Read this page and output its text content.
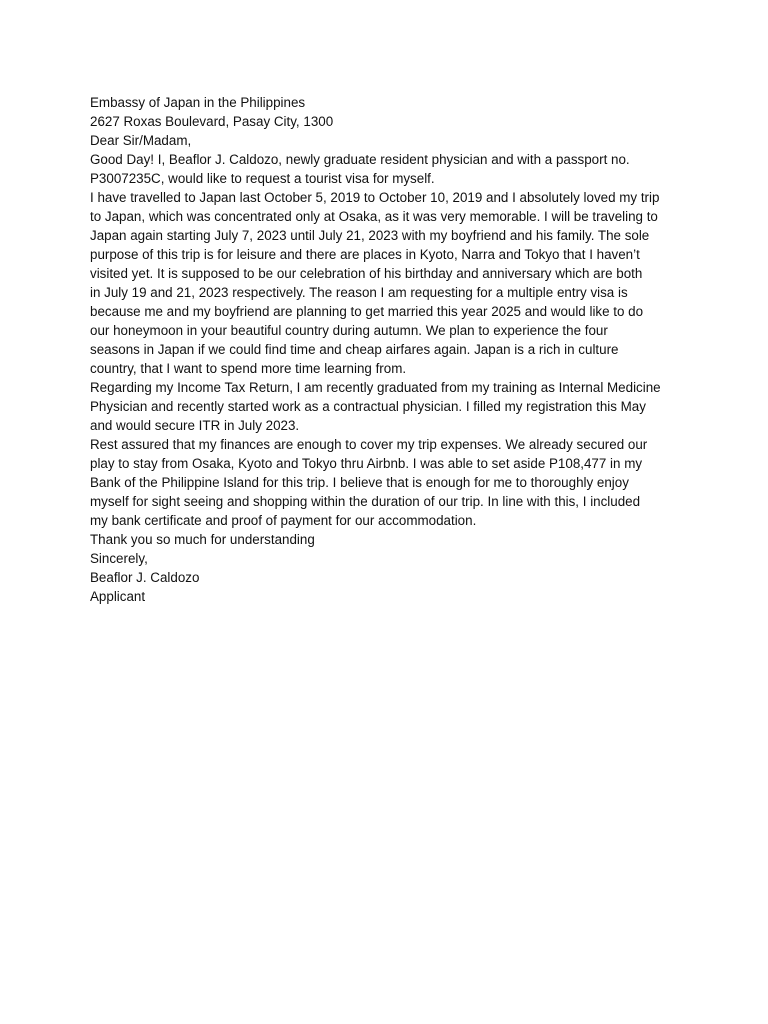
Embassy of Japan in the Philippines
2627 Roxas Boulevard, Pasay City, 1300

Dear Sir/Madam,

Good Day! I, Beaflor J. Caldozo, newly graduate resident physician and with a passport no.
P3007235C, would like to request a tourist visa for myself.

I have travelled to Japan last October 5, 2019 to October 10, 2019 and I absolutely loved my trip
to Japan, which was concentrated only at Osaka, as it was very memorable. I will be traveling to
Japan again starting July 7, 2023 until July 21, 2023 with my boyfriend and his family. The sole
purpose of this trip is for leisure and there are places in Kyoto, Narra and Tokyo that I haven’t
visited yet. It is supposed to be our celebration of his birthday and anniversary which are both
in July 19 and 21, 2023 respectively. The reason I am requesting for a multiple entry visa is
because me and my boyfriend are planning to get married this year 2025 and would like to do
our honeymoon in your beautiful country during autumn. We plan to experience the four
seasons in Japan if we could find time and cheap airfares again. Japan is a rich in culture
country, that I want to spend more time learning from.

Regarding my Income Tax Return, I am recently graduated from my training as Internal Medicine
Physician and recently started work as a contractual physician. I filled my registration this May
and would secure ITR in July 2023.

Rest assured that my finances are enough to cover my trip expenses. We already secured our
play to stay from Osaka, Kyoto and Tokyo thru Airbnb. I was able to set aside P108,477 in my
Bank of the Philippine Island for this trip. I believe that is enough for me to thoroughly enjoy
myself for sight seeing and shopping within the duration of our trip. In line with this, I included
my bank certificate and proof of payment for our accommodation.

Thank you so much for understanding

Sincerely,

Beaflor J. Caldozo
Applicant
